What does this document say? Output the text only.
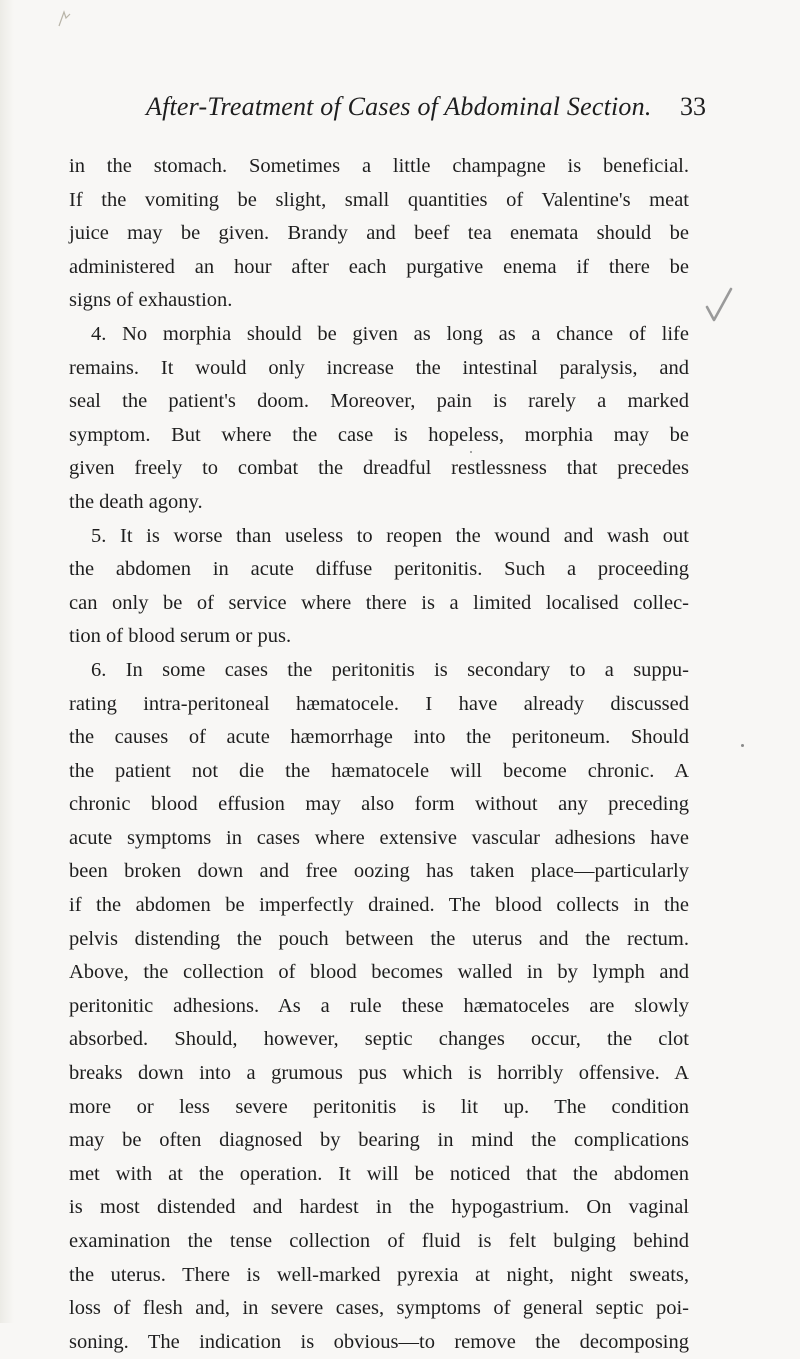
After-Treatment of Cases of Abdominal Section. 33
in the stomach. Sometimes a little champagne is beneficial.
If the vomiting be slight, small quantities of Valentine's meat
juice may be given. Brandy and beef tea enemata should be
administered an hour after each purgative enema if there be
signs of exhaustion.
4. No morphia should be given as long as a chance of life
remains. It would only increase the intestinal paralysis, and
seal the patient's doom. Moreover, pain is rarely a marked
symptom. But where the case is hopeless, morphia may be
given freely to combat the dreadful restlessness that precedes
the death agony.
5. It is worse than useless to reopen the wound and wash out
the abdomen in acute diffuse peritonitis. Such a proceeding
can only be of service where there is a limited localised collec-
tion of blood serum or pus.
6. In some cases the peritonitis is secondary to a suppu-
rating intra-peritoneal hæmatocele. I have already discussed
the causes of acute hæmorrhage into the peritoneum. Should
the patient not die the hæmatocele will become chronic. A
chronic blood effusion may also form without any preceding
acute symptoms in cases where extensive vascular adhesions have
been broken down and free oozing has taken place—particularly
if the abdomen be imperfectly drained. The blood collects in the
pelvis distending the pouch between the uterus and the rectum.
Above, the collection of blood becomes walled in by lymph and
peritonitic adhesions. As a rule these hæmatoceles are slowly
absorbed. Should, however, septic changes occur, the clot
breaks down into a grumous pus which is horribly offensive. A
more or less severe peritonitis is lit up. The condition
may be often diagnosed by bearing in mind the complications
met with at the operation. It will be noticed that the abdomen
is most distended and hardest in the hypogastrium. On vaginal
examination the tense collection of fluid is felt bulging behind
the uterus. There is well-marked pyrexia at night, night sweats,
loss of flesh and, in severe cases, symptoms of general septic poi-
soning. The indication is obvious—to remove the decomposing
